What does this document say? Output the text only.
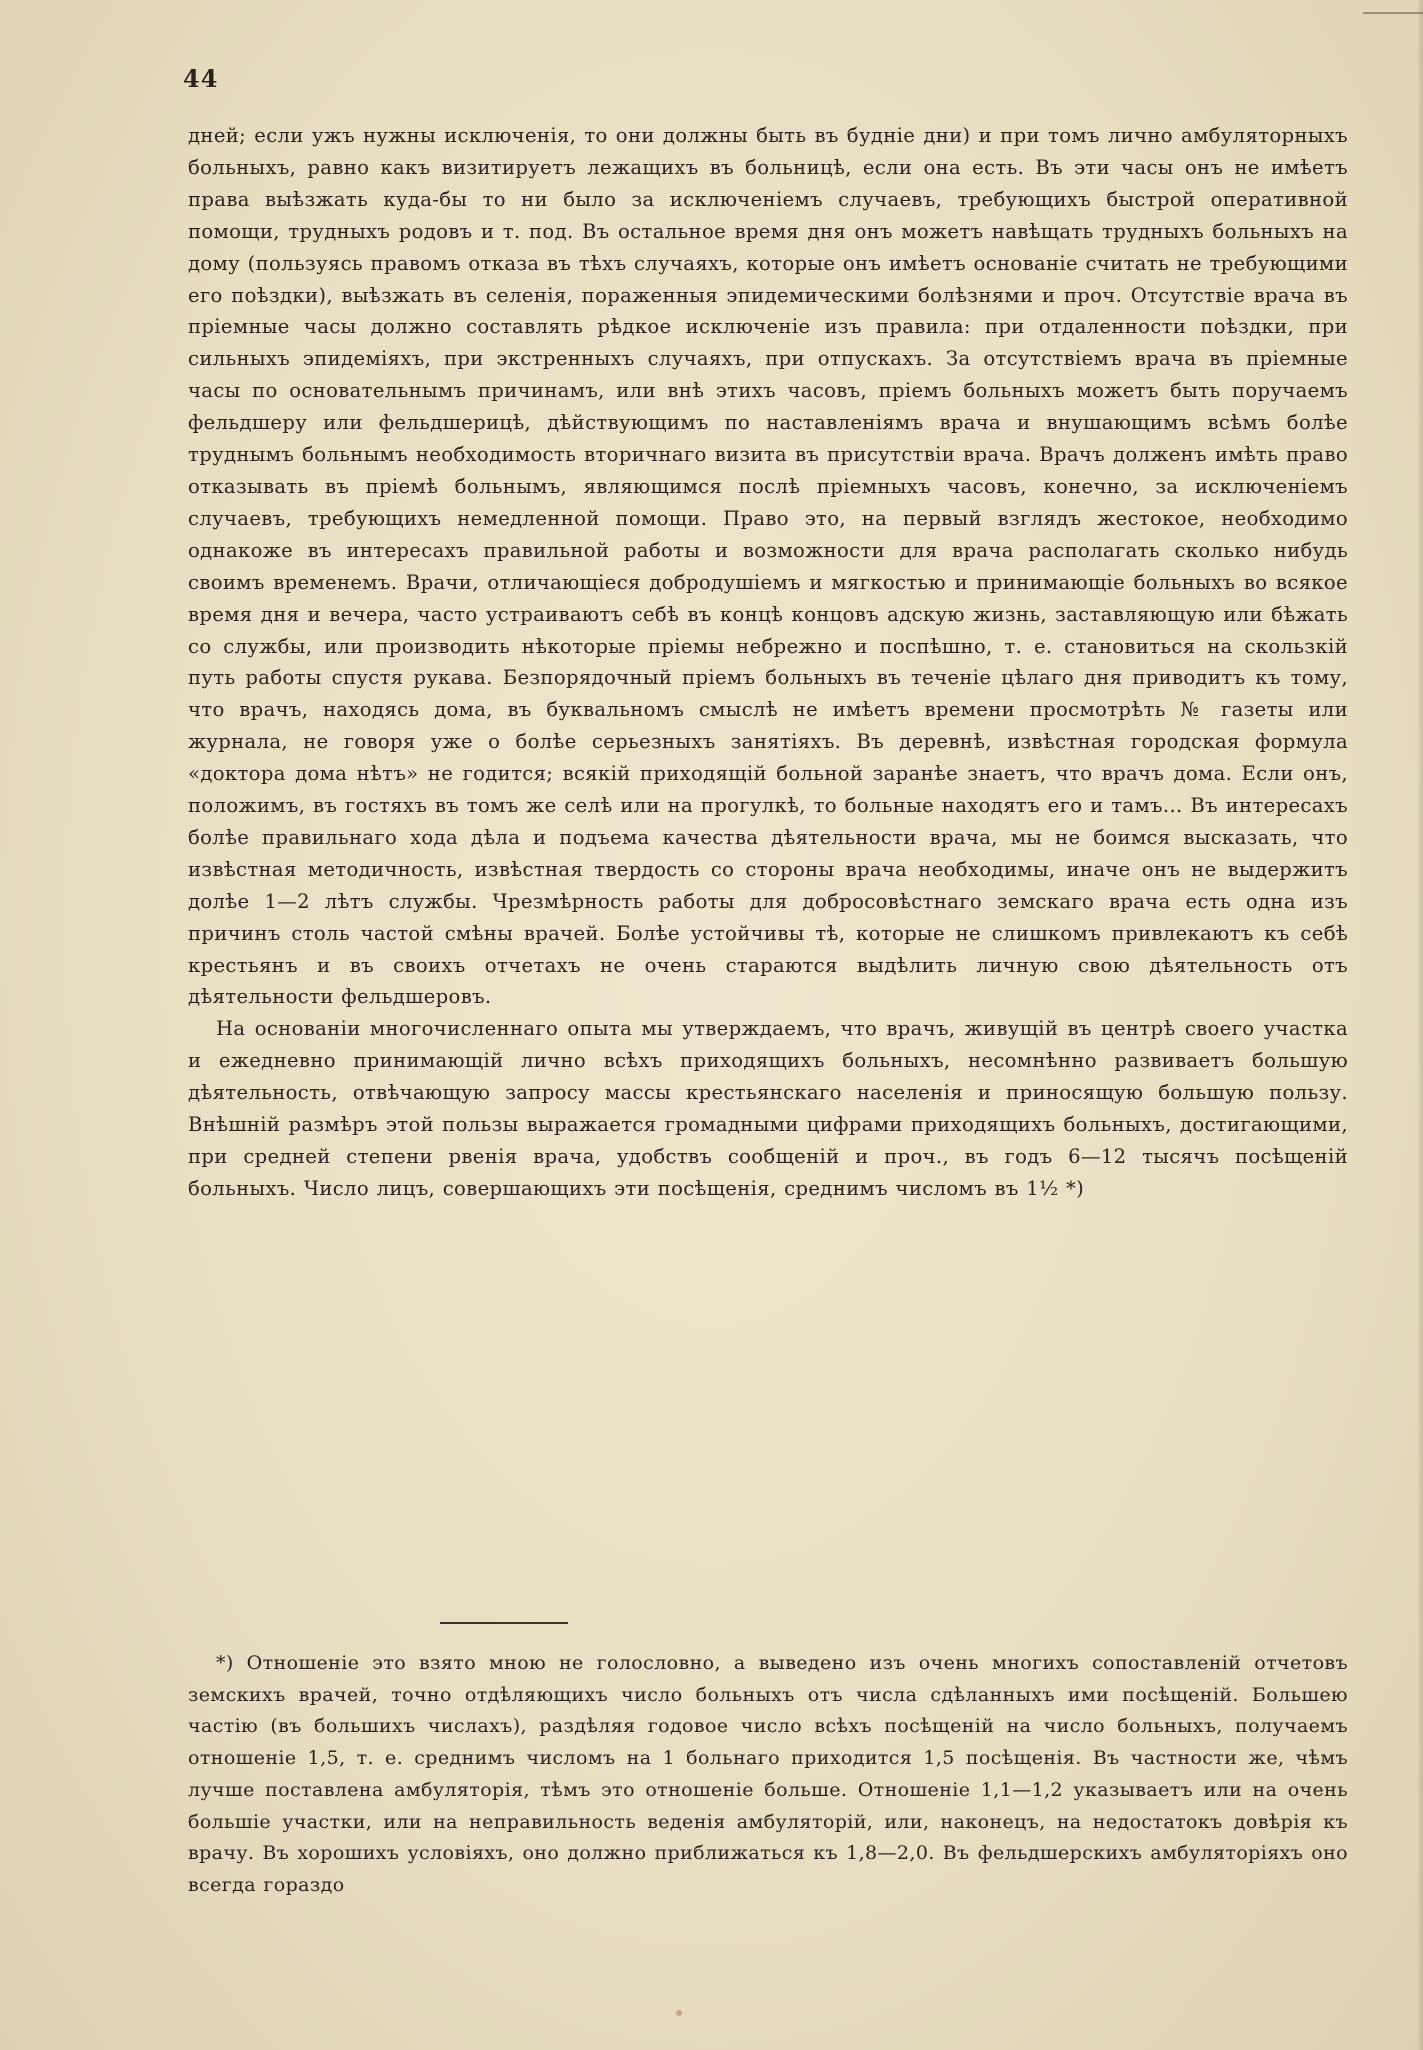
44

дней; если ужъ нужны исключенія, то они должны быть въ будніе дни) и при томъ лично амбуляторныхъ больныхъ, равно какъ визитируетъ лежащихъ въ больницѣ, если она есть. Въ эти часы онъ не имѣетъ права выѣзжать куда-бы то ни было за исключеніемъ случаевъ, требующихъ быстрой оперативной помощи, трудныхъ родовъ и т. под. Въ остальное время дня онъ можетъ навѣщать трудныхъ больныхъ на дому (пользуясь правомъ отказа въ тѣхъ случаяхъ, которые онъ имѣетъ основаніе считать не требующими его поѣздки), выѣзжать въ селенія, пораженныя эпидемическими болѣзнями и проч. Отсутствіе врача въ пріемные часы должно составлять рѣдкое исключеніе изъ правила: при отдаленности поѣздки, при сильныхъ эпидеміяхъ, при экстренныхъ случаяхъ, при отпускахъ. За отсутствіемъ врача въ пріемные часы по основательнымъ причинамъ, или внѣ этихъ часовъ, пріемъ больныхъ можетъ быть поручаемъ фельдшеру или фельдшерицѣ, дѣйствующимъ по наставленіямъ врача и внушающимъ всѣмъ болѣе труднымъ больнымъ необходимость вторичнаго визита въ присутствіи врача. Врачъ долженъ имѣть право отказывать въ пріемѣ больнымъ, являющимся послѣ пріемныхъ часовъ, конечно, за исключеніемъ случаевъ, требующихъ немедленной помощи. Право это, на первый взглядъ жестокое, необходимо однакоже въ интересахъ правильной работы и возможности для врача располагать сколько нибудь своимъ временемъ. Врачи, отличающіеся добродушіемъ и мягкостью и принимающіе больныхъ во всякое время дня и вечера, часто устраиваютъ себѣ въ концѣ концовъ адскую жизнь, заставляющую или бѣжать со службы, или производить нѣкоторые пріемы небрежно и поспѣшно, т. е. становиться на скользкій путь работы спустя рукава. Безпорядочный пріемъ больныхъ въ теченіе цѣлаго дня приводитъ къ тому, что врачъ, находясь дома, въ буквальномъ смыслѣ не имѣетъ времени просмотрѣть № газеты или журнала, не говоря уже о болѣе серьезныхъ занятіяхъ. Въ деревнѣ, извѣстная городская формула «доктора дома нѣтъ» не годится; всякій приходящій больной заранѣе знаетъ, что врачъ дома. Если онъ, положимъ, въ гостяхъ въ томъ же селѣ или на прогулкѣ, то больные находятъ его и тамъ... Въ интересахъ болѣе правильнаго хода дѣла и подъема качества дѣятельности врача, мы не боимся высказать, что извѣстная методичность, извѣстная твердость со стороны врача необходимы, иначе онъ не выдержитъ долѣе 1—2 лѣтъ службы. Чрезмѣрность работы для добросовѣстнаго земскаго врача есть одна изъ причинъ столь частой смѣны врачей. Болѣе устойчивы тѣ, которые не слишкомъ привлекаютъ къ себѣ крестьянъ и въ своихъ отчетахъ не очень стараются выдѣлить личную свою дѣятельность отъ дѣятельности фельдшеровъ.

На основаніи многочисленнаго опыта мы утверждаемъ, что врачъ, живущій въ центрѣ своего участка и ежедневно принимающій лично всѣхъ приходящихъ больныхъ, несомнѣнно развиваетъ большую дѣятельность, отвѣчающую запросу массы крестьянскаго населенія и приносящую большую пользу. Внѣшній размѣръ этой пользы выражается громадными цифрами приходящихъ больныхъ, достигающими, при средней степени рвенія врача, удобствъ сообщеній и проч., въ годъ 6—12 тысячъ посѣщеній больныхъ. Число лицъ, совершающихъ эти посѣщенія, среднимъ числомъ въ 1½ *)

*) Отношеніе это взято мною не голословно, а выведено изъ очень многихъ сопоставленій отчетовъ земскихъ врачей, точно отдѣляющихъ число больныхъ отъ числа сдѣланныхъ ими посѣщеній. Большею частію (въ большихъ числахъ), раздѣляя годовое число всѣхъ посѣщеній на число больныхъ, получаемъ отношеніе 1,5, т. е. среднимъ числомъ на 1 больнаго приходится 1,5 посѣщенія. Въ частности же, чѣмъ лучше поставлена амбуляторія, тѣмъ это отношеніе больше. Отношеніе 1,1—1,2 указываетъ или на очень большіе участки, или на неправильность веденія амбуляторій, или, наконецъ, на недостатокъ довѣрія къ врачу. Въ хорошихъ условіяхъ, оно должно приближаться къ 1,8—2,0. Въ фельдшерскихъ амбуляторіяхъ оно всегда гораздо
